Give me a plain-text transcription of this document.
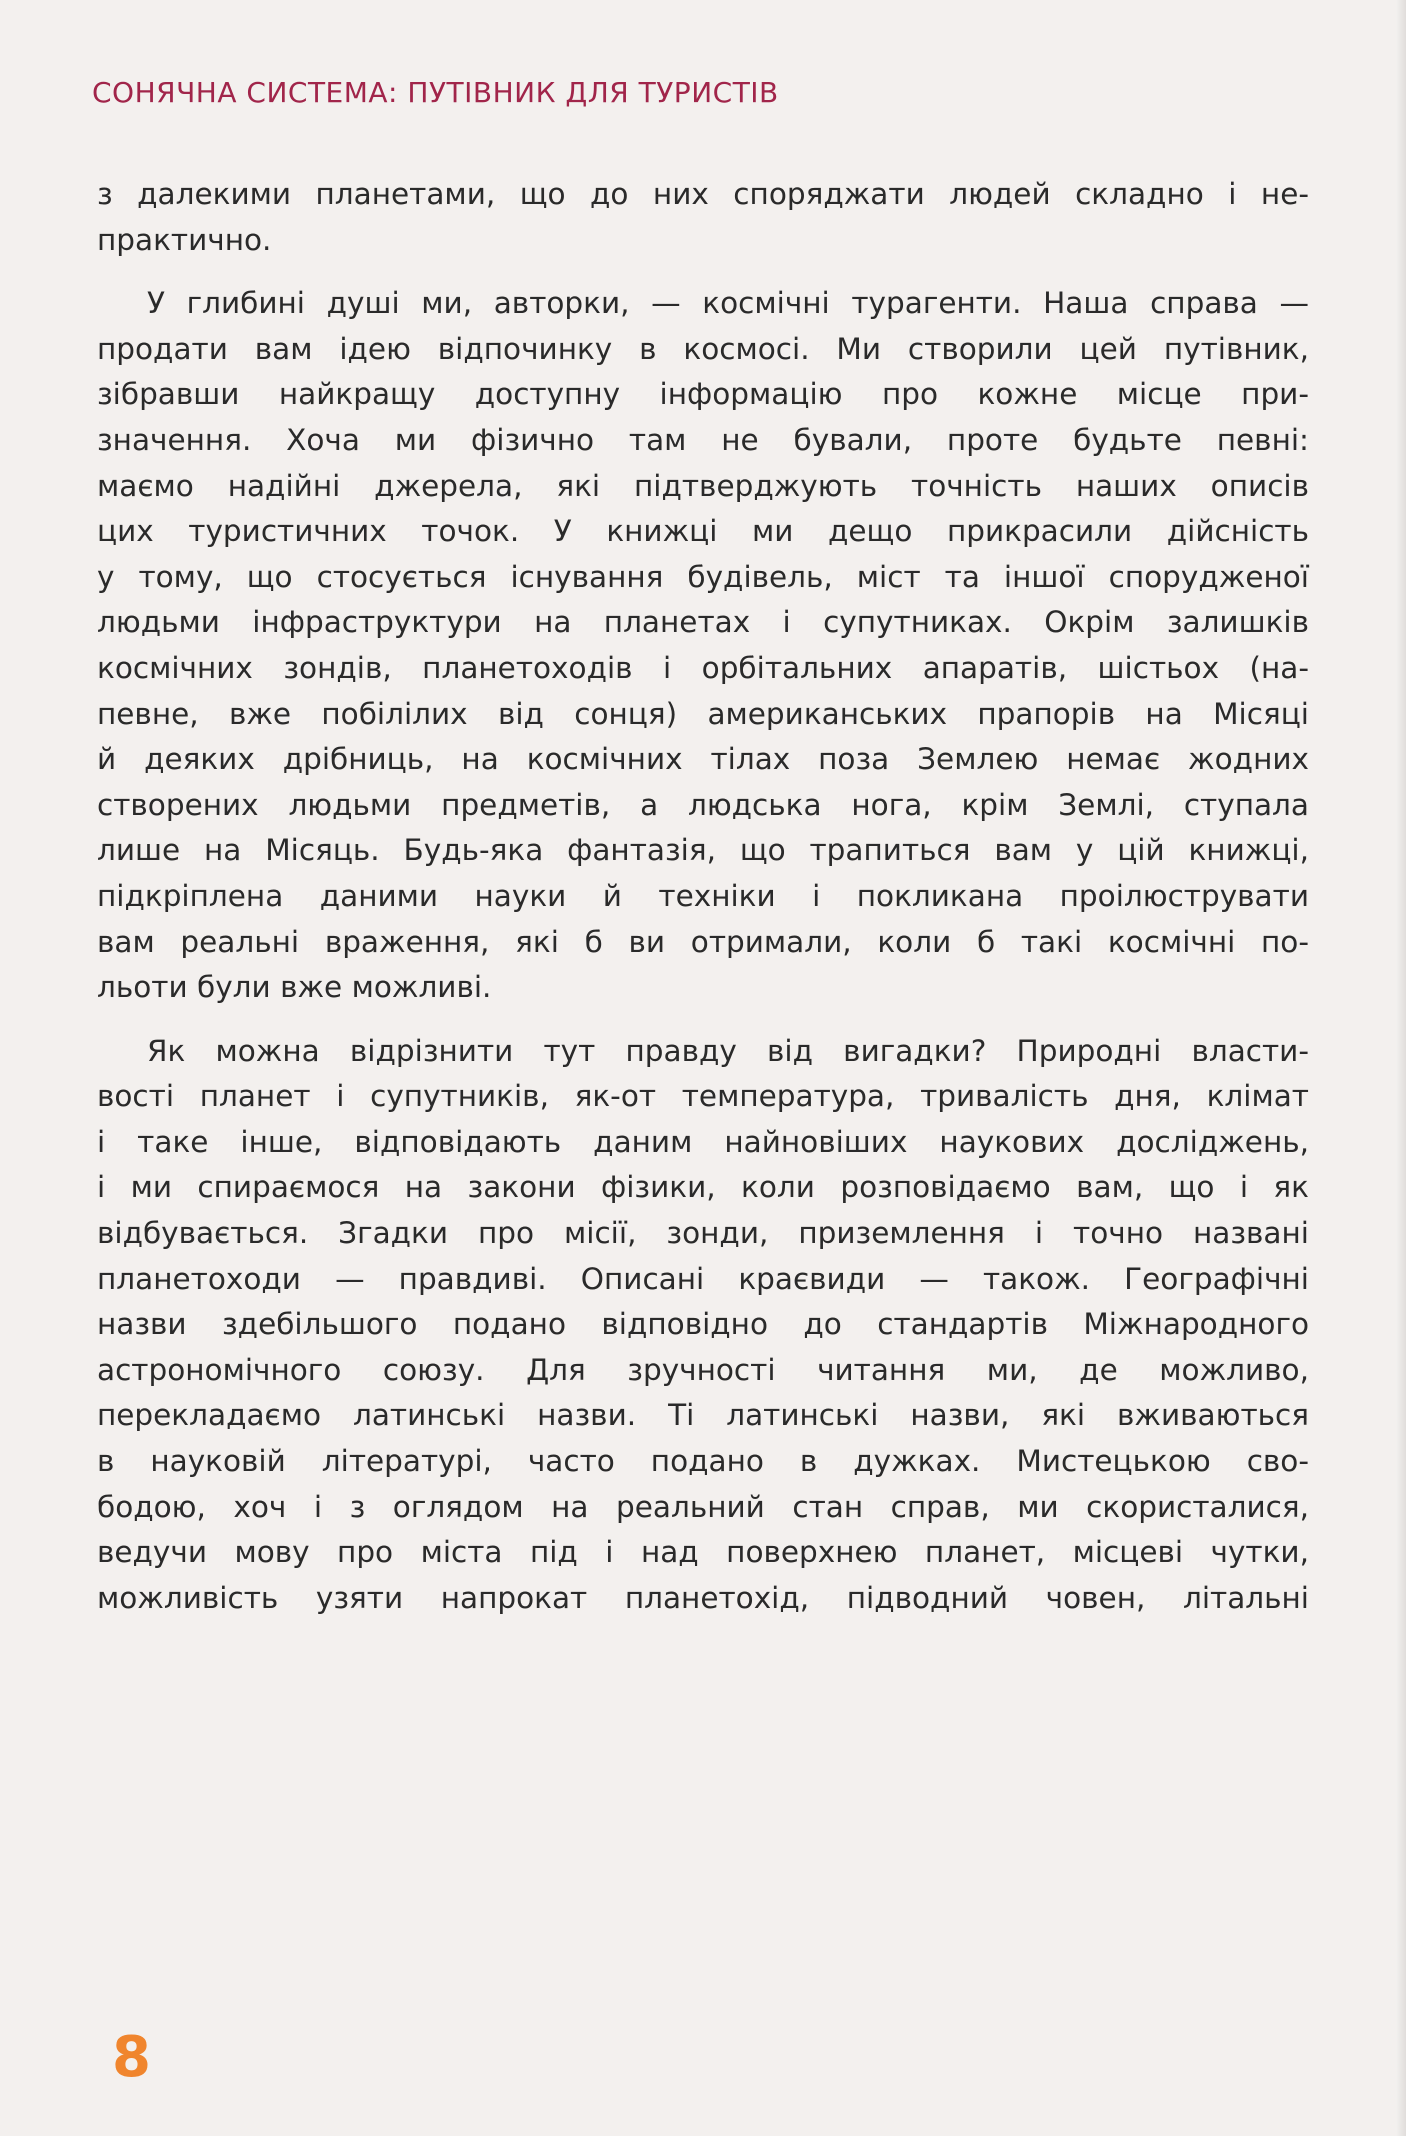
СОНЯЧНА СИСТЕМА: ПУТІВНИК ДЛЯ ТУРИСТІВ
з далекими планетами, що до них споряджати людей складно і не-
практично.
У глибині душі ми, авторки, — космічні турагенти. Наша справа —
продати вам ідею відпочинку в космосі. Ми створили цей путівник,
зібравши найкращу доступну інформацію про кожне місце при-
значення. Хоча ми фізично там не бували, проте будьте певні:
маємо надійні джерела, які підтверджують точність наших описів
цих туристичних точок. У книжці ми дещо прикрасили дійсність
у тому, що стосується існування будівель, міст та іншої спорудженої
людьми інфраструктури на планетах і супутниках. Окрім залишків
космічних зондів, планетоходів і орбітальних апаратів, шістьох (на-
певне, вже побілілих від сонця) американських прапорів на Місяці
й деяких дрібниць, на космічних тілах поза Землею немає жодних
створених людьми предметів, а людська нога, крім Землі, ступала
лише на Місяць. Будь-яка фантазія, що трапиться вам у цій книжці,
підкріплена даними науки й техніки і покликана проілюструвати
вам реальні враження, які б ви отримали, коли б такі космічні по-
льоти були вже можливі.
Як можна відрізнити тут правду від вигадки? Природні власти-
вості планет і супутників, як-от температура, тривалість дня, клімат
і таке інше, відповідають даним найновіших наукових досліджень,
і ми спираємося на закони фізики, коли розповідаємо вам, що і як
відбувається. Згадки про місії, зонди, приземлення і точно названі
планетоходи — правдиві. Описані краєвиди — також. Географічні
назви здебільшого подано відповідно до стандартів Міжнародного
астрономічного союзу. Для зручності читання ми, де можливо,
перекладаємо латинські назви. Ті латинські назви, які вживаються
в науковій літературі, часто подано в дужках. Мистецькою сво-
бодою, хоч і з оглядом на реальний стан справ, ми скористалися,
ведучи мову про міста під і над поверхнею планет, місцеві чутки,
можливість узяти напрокат планетохід, підводний човен, літальні
8
